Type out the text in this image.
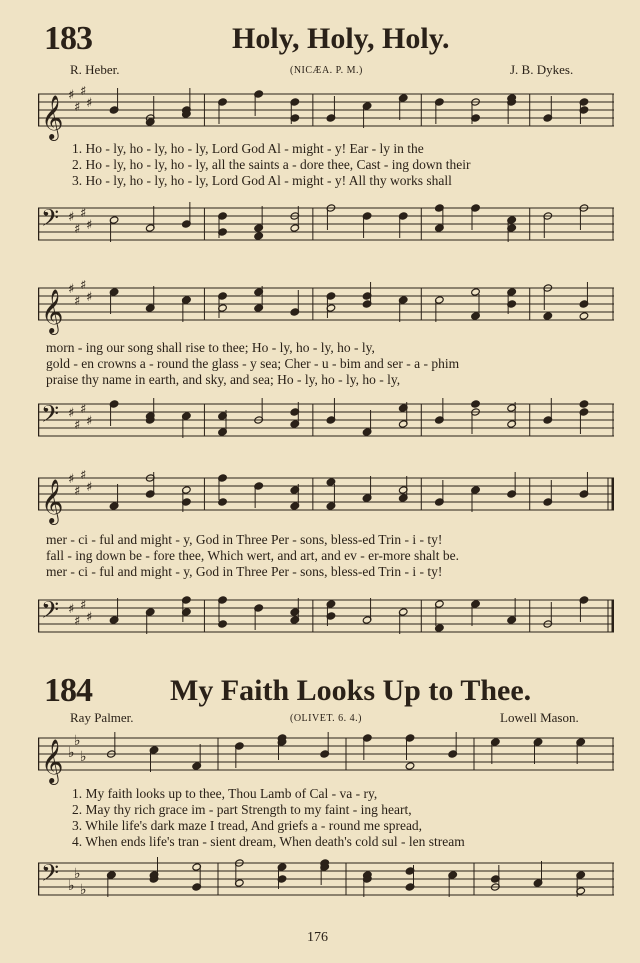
183	Holy, Holy, Holy.
R. Heber.	(NICÆA. P. M.)	J. B. Dykes.
𝄞 ♯
♯
♯
♯
1. Ho - ly, ho - ly, ho - ly, Lord God Al - might - y! Ear - ly in the
2. Ho - ly, ho - ly, ho - ly, all the saints a - dore thee, Cast - ing down their
3. Ho - ly, ho - ly, ho - ly, Lord God Al - might - y! All thy works shall
𝄢 ♯
♯
♯
♯
𝄞 ♯
♯
♯
♯
morn - ing our song shall rise to thee; Ho - ly, ho - ly, ho - ly,
gold - en crowns a - round the glass - y sea; Cher - u - bim and ser - a - phim
praise thy name in earth, and sky, and sea; Ho - ly, ho - ly, ho - ly,
𝄢 ♯
♯
♯
♯
𝄞 ♯
♯
♯
♯
mer - ci - ful and might - y, God in Three Per - sons, bless-ed Trin - i - ty!
fall - ing down be - fore thee, Which wert, and art, and ev - er-more shalt be.
mer - ci - ful and might - y, God in Three Per - sons, bless-ed Trin - i - ty!
𝄢 ♯
♯
♯
♯
184	My Faith Looks Up to Thee.
Ray Palmer.	(OLIVET. 6. 4.)	Lowell Mason.
𝄞 ♭
♭
♭
1. My faith looks up to thee, Thou Lamb of Cal - va - ry,
2. May thy rich grace im - part Strength to my faint - ing heart,
3. While life's dark maze I tread, And griefs a - round me spread,
4. When ends life's tran - sient dream, When death's cold sul - len stream
𝄢 ♭
♭
♭
176
